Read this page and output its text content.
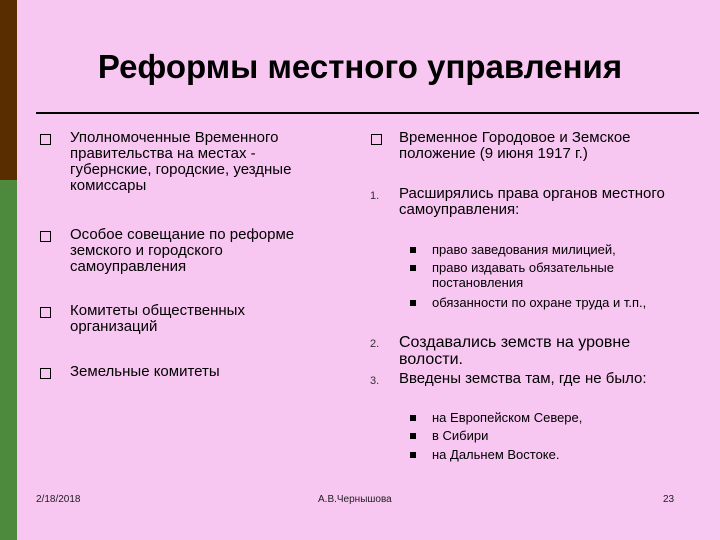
Реформы местного управления
Уполномоченные Временного правительства на местах - губернские, городские, уездные комиссары
Особое совещание по реформе земского и городского самоуправления
Комитеты общественных организаций
Земельные комитеты
Временное Городовое и Земское положение (9 июня 1917 г.)
1. Расширялись права органов местного самоуправления:
право заведования милицией,
право издавать обязательные постановления
обязанности по охране труда и т.п.,
2. Создавались земств на уровне волости.
3. Введены земства там, где не было:
на Европейском Севере,
в Сибири
на Дальнем Востоке.
2/18/2018	А.В.Чернышова	23
